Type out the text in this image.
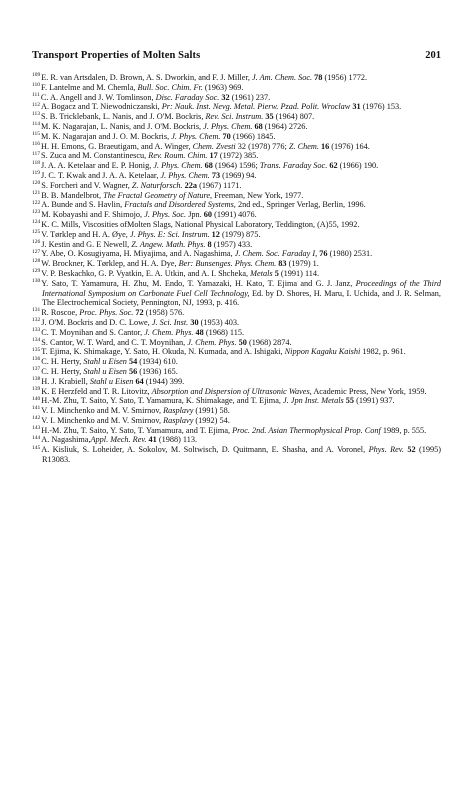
Transport Properties of Molten Salts	201
$^{109}$E. R. van Artsdalen, D. Brown, A. S. Dworkin, and F. J. Miller, J. Am. Chem. Soc. 78 (1956) 1772.
$^{110}$F. Lantelme and M. Chemla, Bull. Soc. Chim. Fr. (1963) 969.
$^{111}$C. A. Angell and J. W. Tomlinson, Disc. Faraday Soc. 32 (1961) 237.
$^{112}$A. Bogacz and T. Niewodniczanski, Pr: Nauk. Inst. Nevg. Metal. Pierw. Pzad. Polit. Wroclaw 31 (1976) 153.
$^{113}$S. B. Tricklebank, L. Nanis, and J. O'M. Bockris, Rev. Sci. Instrum. 35 (1964) 807.
$^{114}$M. K. Nagarajan, L. Nanis, and J. O'M. Bockris, J. Phys. Chem. 68 (1964) 2726.
$^{115}$M. K. Nagarajan and J. O. M. Bockris, J. Phys. Chem. 70 (1966) 1845.
$^{116}$H. H. Emons, G. Braeutigam, and A. Winger, Chem. Zvesti 32 (1978) 776; Z. Chem. 16 (1976) 164.
$^{117}$S. Zuca and M. Constantinescu, Rev. Roum. Chim. 17 (1972) 385.
$^{118}$J. A. A. Ketelaar and E. P. Honig, J. Phys. Chem. 68 (1964) 1596; Trans. Faraday Soc. 62 (1966) 190.
$^{119}$J. C. T. Kwak and J. A. A. Ketelaar, J. Phys. Chem. 73 (1969) 94.
$^{120}$S. Forcheri and V. Wagner, Z. Naturforsch. 22a (1967) 1171.
$^{121}$B. B. Mandelbrot, The Fractal Geometry of Nature, Freeman, New York, 1977.
$^{122}$A. Bunde and S. Havlin, Fractals and Disordered Systems, 2nd ed., Springer Verlag, Berlin, 1996.
$^{123}$M. Kobayashi and F. Shimojo, J. Phys. Soc. Jpn. 60 (1991) 4076.
$^{124}$K. C. Mills, Viscosities ofMolten Slags, National Physical Laboratory, Teddington, (A)55, 1992.
$^{125}$V. Tørklep and H. A. Øye, J. Phys. E: Sci. Instrum. 12 (1979) 875.
$^{126}$J. Kestin and G. E Newell, Z. Angew. Math. Phys. 8 (1957) 433.
$^{127}$Y. Abe, O. Kosugiyama, H. Miyajima, and A. Nagashima, J. Chem. Soc. Faraday I, 76 (1980) 2531.
$^{128}$W. Brockner, K. Tørklep, and H. A. Dye, Ber: Bunsenges. Phys. Chem. 83 (1979) 1.
$^{129}$V. P. Beskachko, G. P. Vyatkin, E. A. Utkin, and A. I. Shcheka, Metals 5 (1991) 114.
$^{130}$Y. Sato, T. Yamamura, H. Zhu, M. Endo, T. Yamazaki, H. Kato, T. Ejima and G. J. Janz, Proceedings of the Third International Symposium on Carbonate Fuel Cell Technology, Ed. by D. Shores, H. Maru, I. Uchida, and J. R. Selman, The Electrochemical Society, Pennington, NJ, 1993, p. 416.
$^{131}$R. Roscoe, Proc. Phys. Soc. 72 (1958) 576.
$^{132}$J. O'M. Bockris and D. C. Lowe, J. Sci. Inst. 30 (1953) 403.
$^{133}$C. T. Moynihan and S. Cantor, J. Chem. Phys. 48 (1968) 115.
$^{134}$S. Cantor, W. T. Ward, and C. T. Moynihan, J. Chem. Phys. 50 (1968) 2874.
$^{135}$T. Ejima, K. Shimakage, Y. Sato, H. Okuda, N. Kumada, and A. Ishigaki, Nippon Kagaku Kaishi 1982, p. 961.
$^{136}$C. H. Herty, Stahl u Eisen 54 (1934) 610.
$^{137}$C. H. Herty, Stahl u Eisen 56 (1936) 165.
$^{138}$H. J. Krabiell, Stahl u Eisen 64 (1944) 399.
$^{139}$K. E Herzfeld and T. R. Litovitz, Absorption and Dispersion of Ultrasonic Waves, Academic Press, New York, 1959.
$^{140}$H.-M. Zhu, T. Saito, Y. Sato, T. Yamamura, K. Shimakage, and T. Ejima, J. Jpn Inst. Metals 55 (1991) 937.
$^{141}$V. I. Minchenko and M. V. Smirnov, Rasplavy (1991) 58.
$^{142}$V. I. Minchenko and M. V. Smirnov, Rasplavy (1992) 54.
$^{143}$H.-M. Zhu, T. Saito, Y. Sato, T. Yamamura, and T. Ejima, Proc. 2nd. Asian Thermophysical Prop. Conf 1989, p. 555.
$^{144}$A. Nagashima,Appl. Mech. Rev. 41 (1988) 113.
$^{145}$A. Kisliuk, S. Loheider, A. Sokolov, M. Soltwisch, D. Quitmann, E. Shasha, and A. Voronel, Phys. Rev. 52 (1995) R13083.
